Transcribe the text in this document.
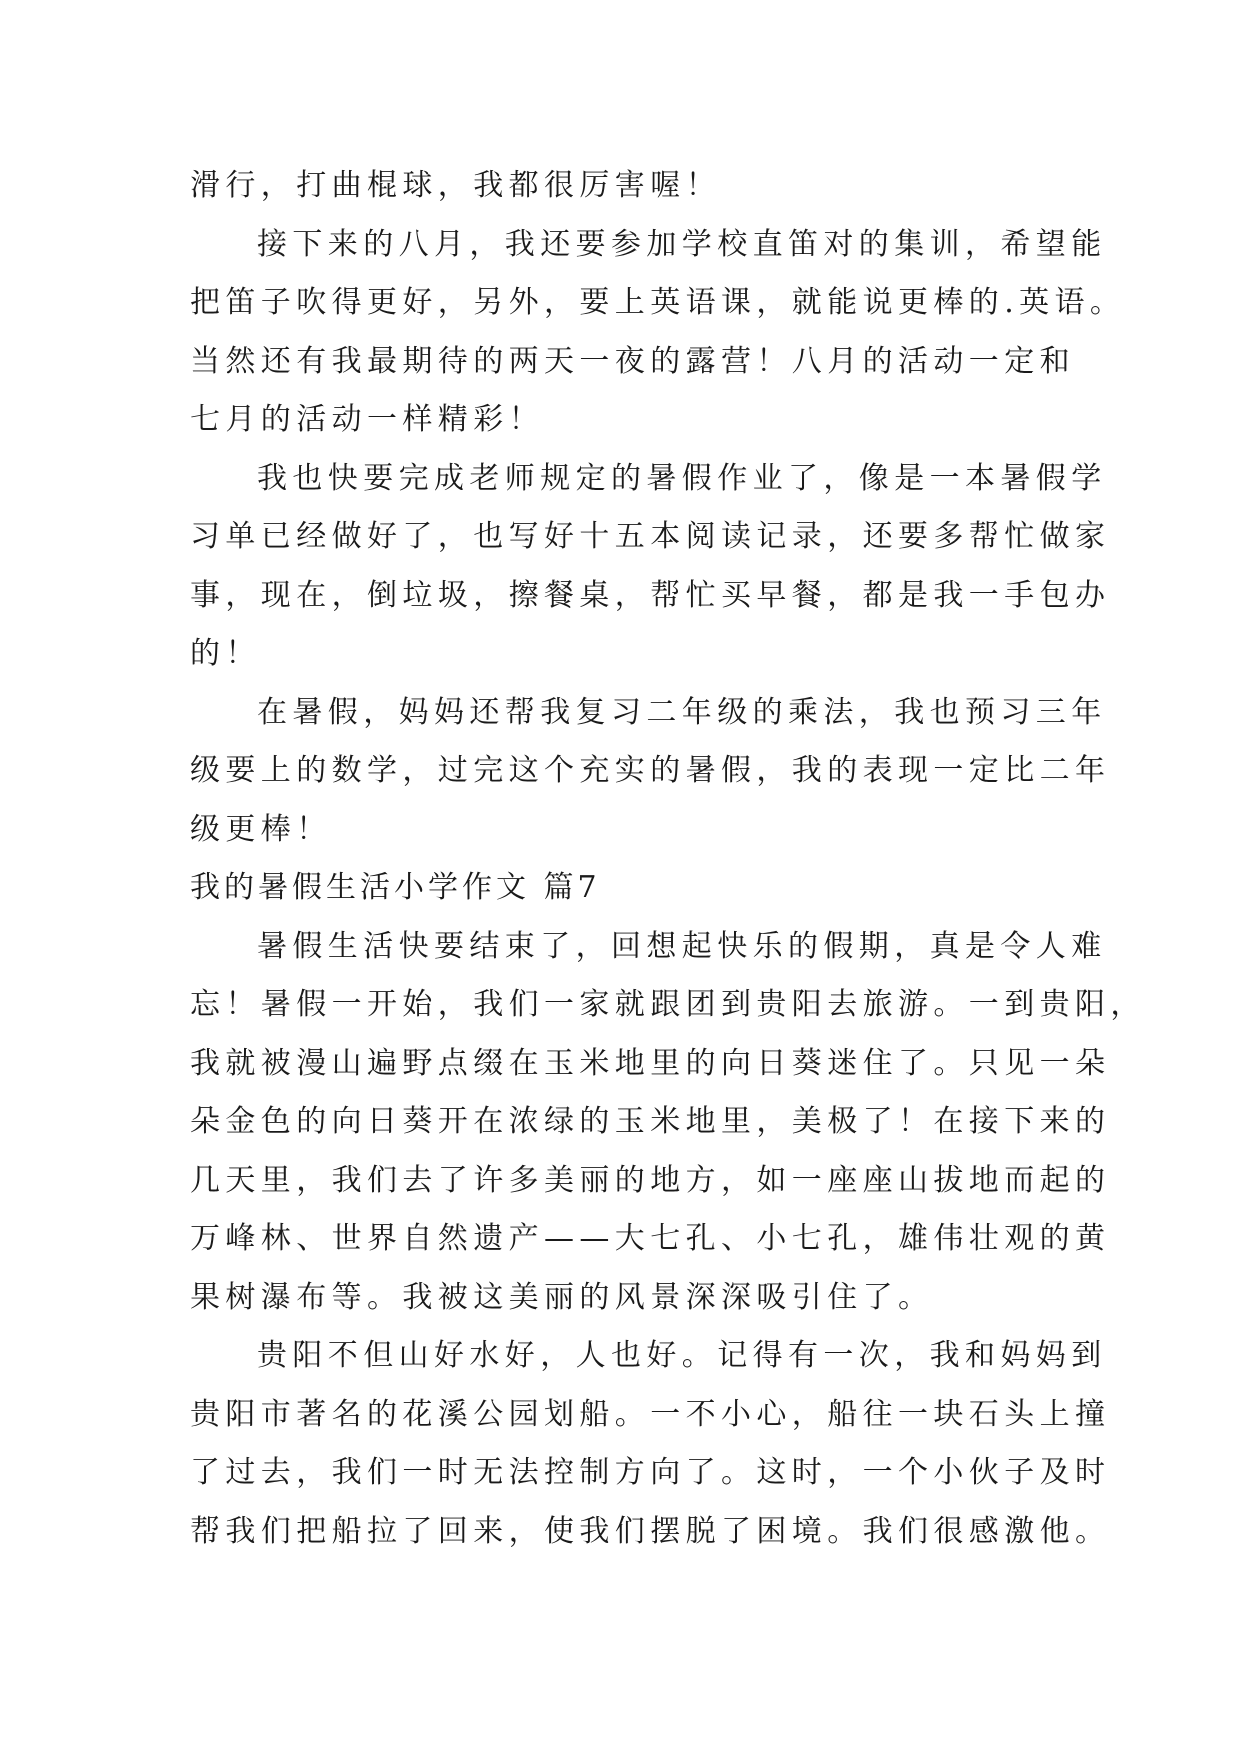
滑行，打曲棍球，我都很厉害喔！
接下来的八月，我还要参加学校直笛对的集训，希望能
把笛子吹得更好，另外，要上英语课，就能说更棒的.英语。
当然还有我最期待的两天一夜的露营！八月的活动一定和
七月的活动一样精彩！
我也快要完成老师规定的暑假作业了，像是一本暑假学
习单已经做好了，也写好十五本阅读记录，还要多帮忙做家
事，现在，倒垃圾，擦餐桌，帮忙买早餐，都是我一手包办
的！
在暑假，妈妈还帮我复习二年级的乘法，我也预习三年
级要上的数学，过完这个充实的暑假，我的表现一定比二年
级更棒！
我的暑假生活小学作文 篇7
暑假生活快要结束了，回想起快乐的假期，真是令人难
忘！暑假一开始，我们一家就跟团到贵阳去旅游。一到贵阳，
我就被漫山遍野点缀在玉米地里的向日葵迷住了。只见一朵
朵金色的向日葵开在浓绿的玉米地里，美极了！在接下来的
几天里，我们去了许多美丽的地方，如一座座山拔地而起的
万峰林、世界自然遗产——大七孔、小七孔，雄伟壮观的黄
果树瀑布等。我被这美丽的风景深深吸引住了。
贵阳不但山好水好，人也好。记得有一次，我和妈妈到
贵阳市著名的花溪公园划船。一不小心，船往一块石头上撞
了过去，我们一时无法控制方向了。这时，一个小伙子及时
帮我们把船拉了回来，使我们摆脱了困境。我们很感激他。
